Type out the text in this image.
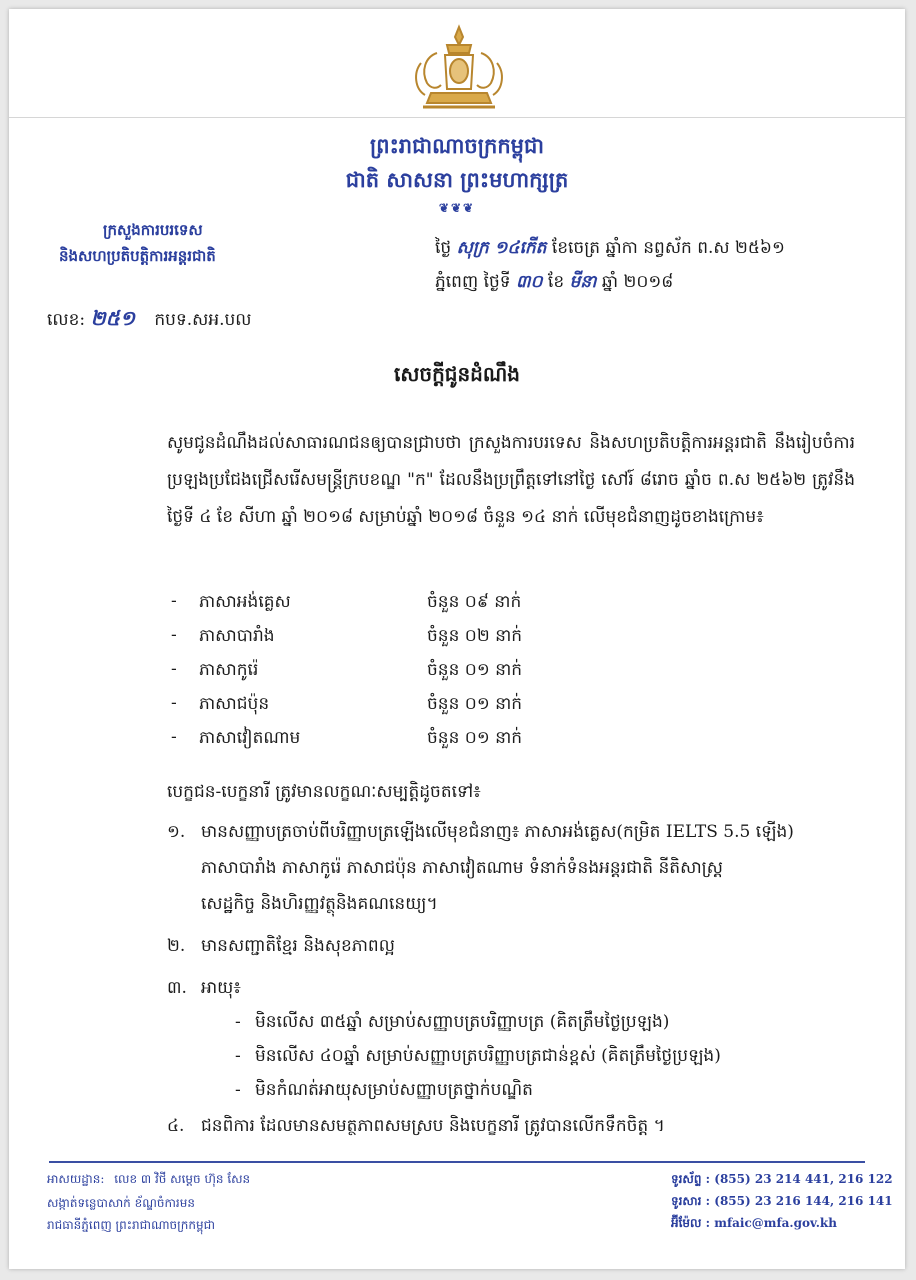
ព្រះរាជាណាចក្រកម្ពុជា
ជាតិ សាសនា ព្រះមហាក្សត្រ
❦❦❦
ក្រសួងការបរទេស
និងសហប្រតិបត្តិការអន្តរជាតិ	ថ្ងៃ សុក្រ ១៤កើត ខែចេត្រ ឆ្នាំកា នព្វស័ក ព.ស ២៥៦១
ភ្នំពេញ ថ្ងៃទី ៣០ ខែ មីនា ឆ្នាំ ២០១៨
លេខ: ២៥១ កបទ.សអ.បល
សេចក្តីជូនដំណឹង
សូមជូនដំណឹងដល់សាធារណជនឲ្យបានជ្រាបថា ក្រសួងការបរទេស និងសហប្រតិបត្តិការអន្តរជាតិ នឹងរៀបចំការប្រឡងប្រជែងជ្រើសរើសមន្ត្រីក្របខណ្ឌ "ក" ដែលនឹងប្រព្រឹត្តទៅនៅថ្ងៃ សៅរ៍ ៨រោច ឆ្នាំច ព.ស ២៥៦២ ត្រូវនឹងថ្ងៃទី ៤ ខែ សីហា ឆ្នាំ ២០១៨ សម្រាប់ឆ្នាំ ២០១៨ ចំនួន ១៤ នាក់ លើមុខជំនាញដូចខាងក្រោម៖
- ភាសាអង់គ្លេស	ចំនួន ០៩ នាក់
- ភាសាបារាំង	ចំនួន ០២ នាក់
- ភាសាកូរ៉េ	ចំនួន ០១ នាក់
- ភាសាជប៉ុន	ចំនួន ០១ នាក់
- ភាសាវៀតណាម	ចំនួន ០១ នាក់
បេក្ខជន-បេក្ខនារី ត្រូវមានលក្ខណៈសម្បត្តិដូចតទៅ៖
១. មានសញ្ញាបត្រចាប់ពីបរិញ្ញាបត្រឡើងលើមុខជំនាញ៖ ភាសាអង់គ្លេស(កម្រិត IELTS 5.5 ឡើង)
ភាសាបារាំង ភាសាកូរ៉េ ភាសាជប៉ុន ភាសាវៀតណាម ទំនាក់ទំនងអន្តរជាតិ នីតិសាស្ត្រ
សេដ្ឋកិច្ច និងហិរញ្ញវត្ថុនិងគណនេយ្យ។
២. មានសញ្ជាតិខ្មែរ និងសុខភាពល្អ
៣. អាយុ៖
- មិនលើស ៣៥ឆ្នាំ សម្រាប់សញ្ញាបត្របរិញ្ញាបត្រ (គិតត្រឹមថ្ងៃប្រឡង)
- មិនលើស ៤០ឆ្នាំ សម្រាប់សញ្ញាបត្របរិញ្ញាបត្រជាន់ខ្ពស់ (គិតត្រឹមថ្ងៃប្រឡង)
- មិនកំណត់អាយុសម្រាប់សញ្ញាបត្រថ្នាក់បណ្ឌិត
៤. ជនពិការ ដែលមានសមត្ថភាពសមស្រប និងបេក្ខនារី ត្រូវបានលើកទឹកចិត្ត ។
អាសយដ្ឋាន: លេខ ៣ វិថី សម្តេច ហ៊ុន សែន
សង្កាត់ទន្លេបាសាក់ ខ័ណ្ឌចំការមន
រាជធានីភ្នំពេញ ព្រះរាជាណាចក្រកម្ពុជា
ទូរស័ព្ទ : (855) 23 214 441, 216 122
ទូរសារ : (855) 23 216 144, 216 141
អ៊ីម៉ែល : mfaic@mfa.gov.kh
